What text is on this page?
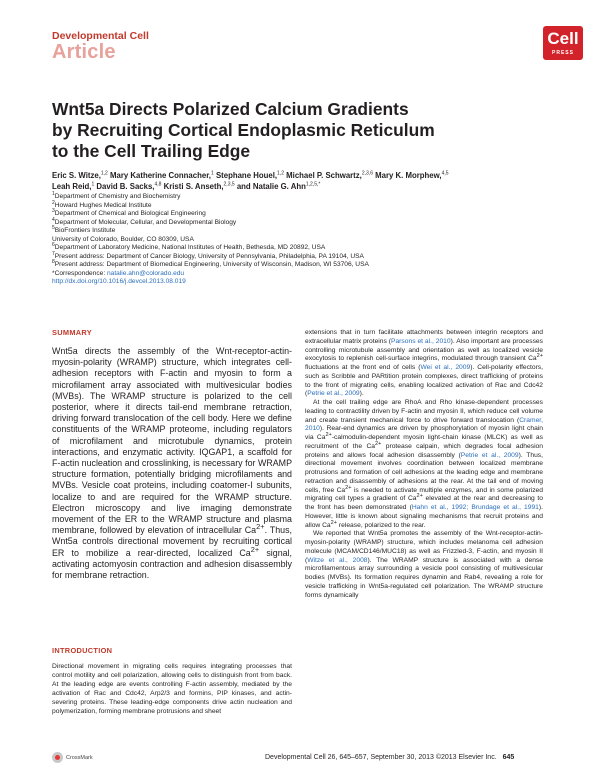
Developmental Cell
Article
Cell
PRESS
Wnt5a Directs Polarized Calcium Gradients
by Recruiting Cortical Endoplasmic Reticulum
to the Cell Trailing Edge
Eric S. Witze,$^{1,2}$ Mary Katherine Connacher,$^1$ Stephane Houel,$^{1,2}$ Michael P. Schwartz,$^{2,3,6}$ Mary K. Morphew,$^{4,5}$
Leah Reid,$^1$ David B. Sacks,$^{4,8}$ Kristi S. Anseth,$^{2,3,5}$ and Natalie G. Ahn$^{1,2,5,*}$
$^1$Department of Chemistry and Biochemistry
$^2$Howard Hughes Medical Institute
$^3$Department of Chemical and Biological Engineering
$^4$Department of Molecular, Cellular, and Developmental Biology
$^5$BioFrontiers Institute
University of Colorado, Boulder, CO 80309, USA
$^6$Department of Laboratory Medicine, National Institutes of Health, Bethesda, MD 20892, USA
$^7$Present address: Department of Cancer Biology, University of Pennsylvania, Philadelphia, PA 19104, USA
$^8$Present address: Department of Biomedical Engineering, University of Wisconsin, Madison, WI 53706, USA
*Correspondence: natalie.ahn@colorado.edu
http://dx.doi.org/10.1016/j.devcel.2013.08.019
SUMMARY
Wnt5a directs the assembly of the Wnt-receptor-actin-myosin-polarity (WRAMP) structure, which integrates cell-adhesion receptors with F-actin and myosin to form a microfilament array associated with multivesicular bodies (MVBs). The WRAMP structure is polarized to the cell posterior, where it directs tail-end membrane retraction, driving forward translocation of the cell body. Here we define constituents of the WRAMP proteome, including regulators of microfilament and microtubule dynamics, protein interactions, and enzymatic activity. IQGAP1, a scaffold for F-actin nucleation and crosslinking, is necessary for WRAMP structure formation, potentially bridging microfilaments and MVBs. Vesicle coat proteins, including coatomer-I subunits, localize to and are required for the WRAMP structure. Electron microscopy and live imaging demonstrate movement of the ER to the WRAMP structure and plasma membrane, followed by elevation of intracellular $Ca^{2+}$. Thus, Wnt5a controls directional movement by recruiting cortical ER to mobilize a rear-directed, localized $Ca^{2+}$ signal, activating actomyosin contraction and adhesion disassembly for membrane retraction.
INTRODUCTION
Directional movement in migrating cells requires integrating processes that control motility and cell polarization, allowing cells to distinguish front from back. At the leading edge are events controlling F-actin assembly, mediated by the activation of Rac and Cdc42, Arp2/3 and formins, PIP kinases, and actin-severing proteins. These leading-edge components drive actin nucleation and polymerization, forming membrane protrusions and sheet

extensions that in turn facilitate attachments between integrin receptors and extracellular matrix proteins (Parsons et al., 2010). Also important are processes controlling microtubule assembly and orientation as well as localized vesicle exocytosis to replenish cell-surface integrins, modulated through transient $Ca^{2+}$ fluctuations at the front end of cells (Wei et al., 2009). Cell-polarity effectors, such as Scribble and PARtition protein complexes, direct trafficking of proteins to the front of migrating cells, enabling localized activation of Rac and Cdc42 (Petrie et al., 2009).

At the cell trailing edge are RhoA and Rho kinase-dependent processes leading to contractility driven by F-actin and myosin II, which reduce cell volume and create transient mechanical force to drive forward translocation (Cramer, 2010). Rear-end dynamics are driven by phosphorylation of myosin light chain via $Ca^{2+}-calmodulin$-dependent myosin light-chain kinase (MLCK) as well as recruitment of the $Ca^{2+}$ protease calpain, which degrades focal adhesion proteins and allows focal adhesion disassembly (Petrie et al., 2009). Thus, directional movement involves coordination between localized membrane protrusions and formation of cell adhesions at the leading edge and membrane retraction and disassembly of adhesions at the rear. At the tail end of moving cells, free $Ca^{2+}$ is needed to activate multiple enzymes, and in some polarized migrating cell types a gradient of $Ca^{2+}$ elevated at the rear and decreasing to the front has been demonstrated (Hahn et al., 1992; Brundage et al., 1991). However, little is known about signaling mechanisms that recruit proteins and allow $Ca^{2+}$ release, polarized to the rear.

We reported that Wnt5a promotes the assembly of the Wnt-receptor-actin-myosin-polarity (WRAMP) structure, which includes melanoma cell adhesion molecule (MCAM/CD146/MUC18) as well as Frizzled-3, F-actin, and myosin II (Witze et al., 2008). The WRAMP structure is associated with a dense microfilamentous array surrounding a vesicle pool consisting of multivesicular bodies (MVBs). Its formation requires dynamin and Rab4, revealing a role for vesicle trafficking in Wnt5a-regulated cell polarization. The WRAMP structure forms dynamically

CrossMark	Developmental Cell 26, 645–657, September 30, 2013 ©2013 Elsevier Inc. 645
